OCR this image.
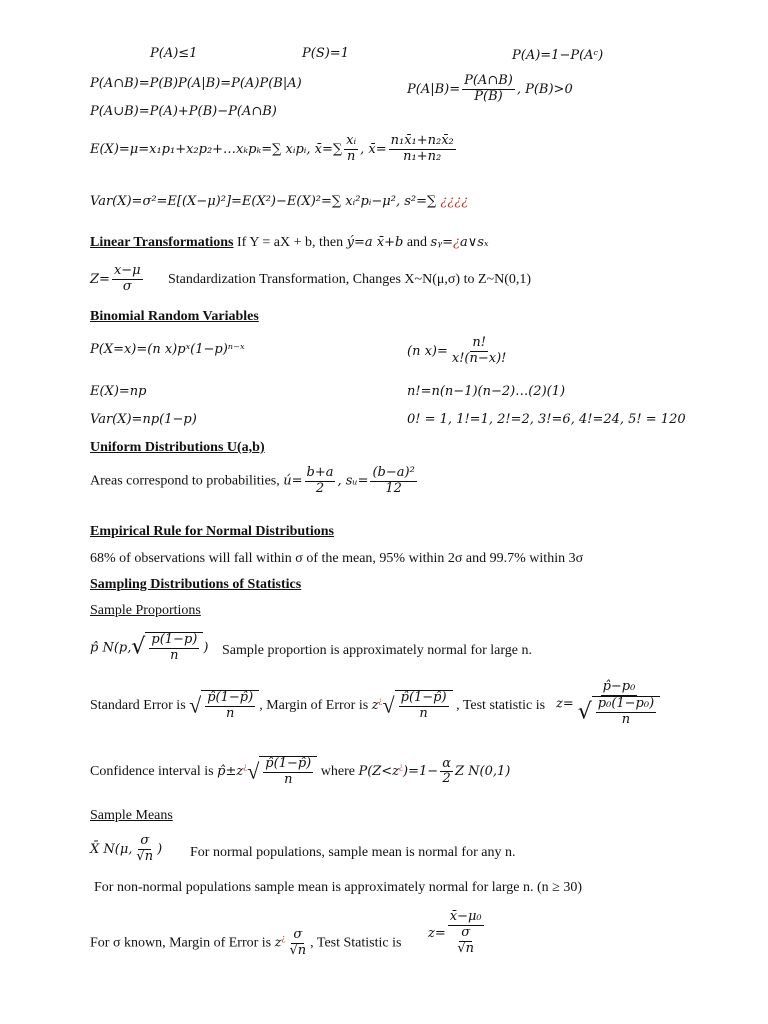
P(A)≤1	P(S)=1	P(A)=1−P(Aᶜ)
P(A∩B)=P(B)P(A|B)=P(A)P(B|A)
P(A∪B)=P(A)+P(B)−P(A∩B)
$P(A|B)= \frac{P(A\cap B)}{P(B)}$ , P(B)>0
E(X)=μ=x₁p₁+x₂p₂+…xₖpₖ=∑ xᵢpᵢ, x̄=∑ $\frac{\text{xᵢ}}{n}$ , x̄= $\frac{\text{n₁x̄₁+n₂x̄₂}}{\text{n₁+n₂}}$
Var(X)=σ²=E[(X−μ)²]=E(X²)−E(X)²=∑ xᵢ²pᵢ−μ², s²=∑ ¿¿¿¿
Linear Transformations If Y = aX + b, then ý=a x̄+b and sᵧ=¿a∨sₓ
$Z= \frac{x-\mu}{\sigma}$ Standardization Transformation, Changes X~N(μ,σ) to Z~N(0,1)
Binomial Random Variables
P(X=x)=(n x)pˣ(1−p)ⁿ⁻ˣ	(n $x)= \frac{n!}{x!(n-x)!}$
E(X)=np	n!=n(n−1)(n−2)…(2)(1)
Var(X)=np(1−p)	0! = 1, 1!=1, 2!=2, 3!=6, 4!=24, 5! = 120
Uniform Distributions U(a,b)
Areas correspond to probabilities, ú= $\frac{b+a}{2}$ , sᵤ= $\frac{\text{(b−a)²}}{12}$
Empirical Rule for Normal Distributions
68% of observations will fall within σ of the mean, 95% within 2σ and 99.7% within 3σ
Sampling Distributions of Statistics
Sample Proportions
p̂ $N(p,√ \frac{p(1-p)}{n}$ ) Sample proportion is approximately normal for large n.
Standard Error is √ $\frac{p̂(1-p̂)}{n}$ , Margin of Error is $z^¿√ \frac{p̂(1-p̂)}{n}$ , Test statistic is $z= \frac{\text{p̂−p₀}}{√ \frac{\text{p₀(1−p₀)}}{n}}$
Confidence interval is p̂±z¿√ $\frac{p̂(1-p̂)}{n}$ where $P(Z<z^¿)=1- \frac{\alpha}{2}$ Z N(0,1)
Sample Means
X̄ N(μ, $\frac{\sigma}{√n}$ ) For normal populations, sample mean is normal for any n.
For non-normal populations sample mean is approximately normal for large n. (n ≥ 30)
For σ known, Margin of Error is $z^¿ \frac{\sigma}{√n}$ , Test Statistic is
$z= \frac{\text{x̄−μ₀}}{\frac{\sigma}{√n}}$
